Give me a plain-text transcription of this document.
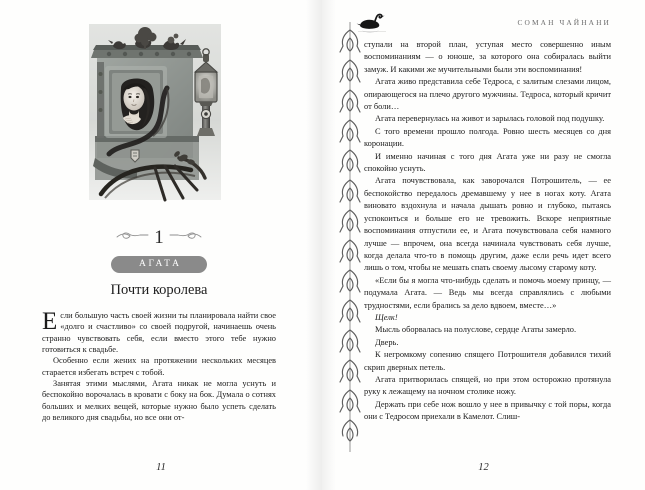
1
АГАТА
Почти королева

Если большую часть своей жизни ты планировала найти свое «долго и счастливо» со своей подругой, начинаешь очень странно чувствовать себя, если вместо этого тебе нужно готовиться к свадьбе.

Особенно если жених на протяжении нескольких месяцев старается избегать встреч с тобой.

Занятая этими мыслями, Агата никак не могла уснуть и беспокойно ворочалась в кровати с боку на бок. Думала о сотнях больших и мелких вещей, которые нужно было успеть сделать до великого дня свадьбы, но все они от-

11
СОМАН ЧАЙНАНИ

ступали на второй план, уступая место совершенно иным воспоминаниям — о юноше, за которого она собиралась выйти замуж. И какими же мучительными были эти воспоминания!

Агата живо представила себе Тедроса, с залитым слезами лицом, опирающегося на плечо другого мужчины. Тедроса, который кричит от боли…

Агата перевернулась на живот и зарылась головой под подушку.

С того времени прошло полгода. Ровно шесть месяцев со дня коронации.

И именно начиная с того дня Агата уже ни разу не смогла спокойно уснуть.

Агата почувствовала, как заворочался Потрошитель, — ее беспокойство передалось дремавшему у нее в ногах коту. Агата виновато вздохнула и начала дышать ровно и глубоко, пытаясь успокоиться и больше его не тревожить. Вскоре неприятные воспоминания отпустили ее, и Агата почувствовала себя намного лучше — впрочем, она всегда начинала чувствовать себя лучше, когда делала что-то в помощь другим, даже если речь идет всего лишь о том, чтобы не мешать спать своему лысому старому коту.

«Если бы я могла что-нибудь сделать и помочь моему принцу, — подумала Агата. — Ведь мы всегда справлялись с любыми трудностями, если брались за дело вдвоем, вместе…»

Щелк!

Мысль оборвалась на полуслове, сердце Агаты замерло.

Дверь.

К негромкому сопению спящего Потрошителя добавился тихий скрип дверных петель.

Агата притворилась спящей, но при этом осторожно протянула руку к лежащему на ночном столике ножу.

Держать при себе нож вошло у нее в привычку с той поры, когда они с Тедросом приехали в Камелот. Слиш-

12
